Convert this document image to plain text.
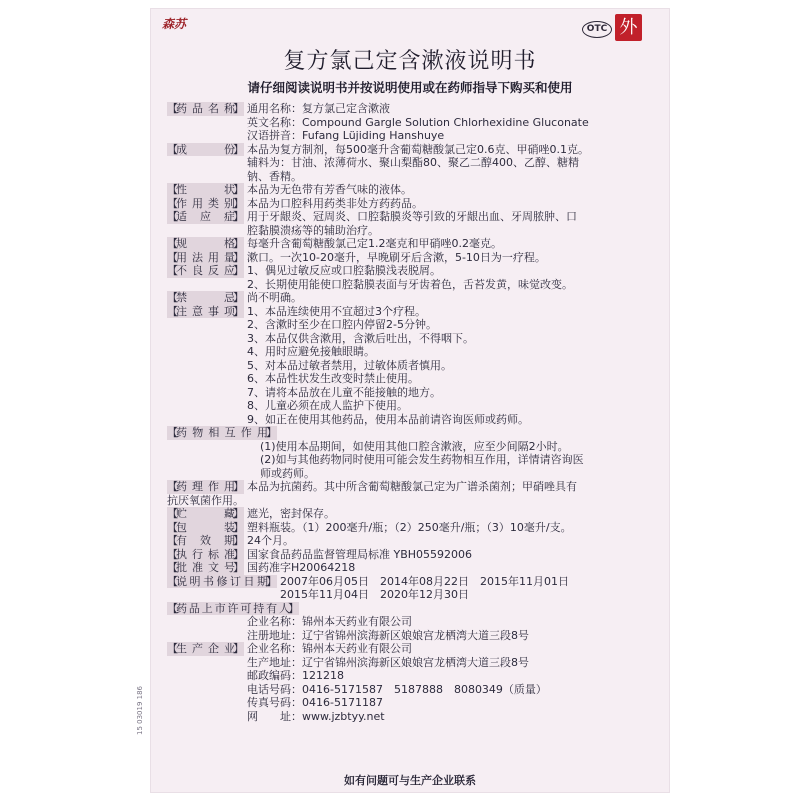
森苏	OTC 外
复方氯己定含漱液说明书
请仔细阅读说明书并按说明使用或在药师指导下购买和使用
【
药 品 名 称
】 通用名称：复方氯己定含漱液
英文名称：Compound Gargle Solution Chlorhexidine Gluconate
汉语拼音：Fufang Lüjiding Hanshuye
【
成	份
】 本品为复方制剂，每500毫升含葡萄糖酸氯己定0.6克、甲硝唑0.1克。
辅料为：甘油、浓薄荷水、聚山梨酯80、聚乙二醇400、乙醇、糖精
钠、香精。
【
性	状
】 本品为无色带有芳香气味的液体。
【
作 用 类 别
】 本品为口腔科用药类非处方药药品。
【
适 应 症
】 用于牙龈炎、冠周炎、口腔黏膜炎等引致的牙龈出血、牙周脓肿、口
腔黏膜溃疡等的辅助治疗。
【
规	格
】 每毫升含葡萄糖酸氯己定1.2毫克和甲硝唑0.2毫克。
【
用 法 用 量
】 漱口。一次10-20毫升，早晚刷牙后含漱，5-10日为一疗程。
【
不 良 反 应
】 1、偶见过敏反应或口腔黏膜浅表脱屑。
2、长期使用能使口腔黏膜表面与牙齿着色，舌苔发黄，味觉改变。
【
禁	忌
】 尚不明确。
【
注 意 事 项
】 1、本品连续使用不宜超过3个疗程。
2、含漱时至少在口腔内停留2-5分钟。
3、本品仅供含漱用，含漱后吐出，不得咽下。
4、用时应避免接触眼睛。
5、对本品过敏者禁用，过敏体质者慎用。
6、本品性状发生改变时禁止使用。
7、请将本品放在儿童不能接触的地方。
8、儿童必须在成人监护下使用。
9、如正在使用其他药品，使用本品前请咨询医师或药师。
【
药 物 相 互 作 用
】
(1)使用本品期间，如使用其他口腔含漱液，应至少间隔2小时。
(2)如与其他药物同时使用可能会发生药物相互作用，详情请咨询医
师或药师。
【
药 理 作 用
】 本品为抗菌药。其中所含葡萄糖酸氯己定为广谱杀菌剂；甲硝唑具有
抗厌氧菌作用。
【
贮	藏
】 遮光，密封保存。
【
包	装
】 塑料瓶装。（1）200毫升/瓶；（2）250毫升/瓶；（3）10毫升/支。
【
有 效 期
】 24个月。
【
执 行 标 准
】 国家食品药品监督管理局标准 YBH05592006
【
批 准 文 号
】 国药准字H20064218
【
说 明 书 修 订 日 期
】 2007年06月05日　2014年08月22日　2015年11月01日
2015年11月04日　2020年12月30日
【
药 品 上 市 许 可 持 有 人
】
企业名称：锦州本天药业有限公司
注册地址：辽宁省锦州滨海新区娘娘宫龙栖湾大道三段8号
【
生 产 企 业
】 企业名称：锦州本天药业有限公司
生产地址：辽宁省锦州滨海新区娘娘宫龙栖湾大道三段8号
邮政编码：121218
电话号码：0416-5171587　5187888　8080349（质量）
传真号码：0416-5171187
网　　址：www.jzbtyy.net
如有问题可与生产企业联系
15 03019 186
